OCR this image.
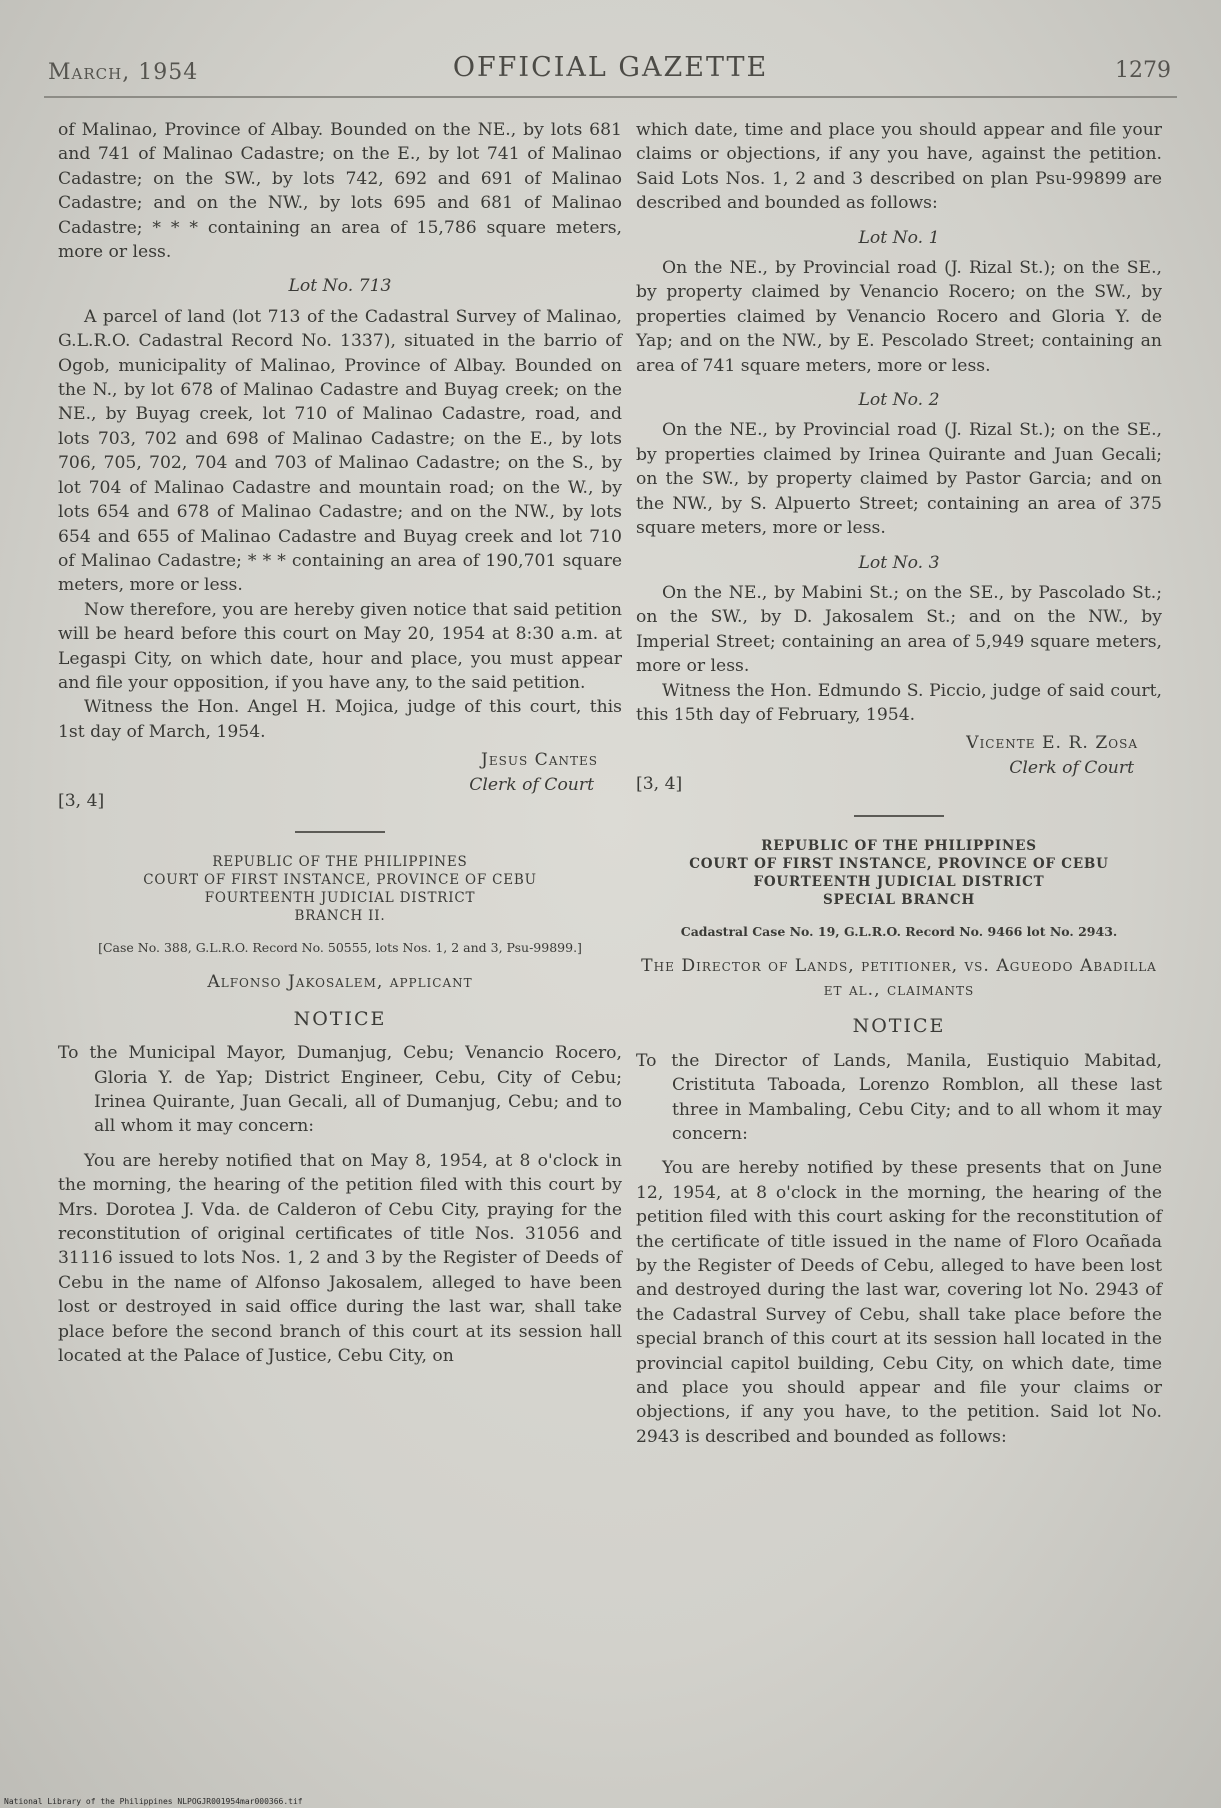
March, 1954	OFFICIAL GAZETTE	1279

of Malinao, Province of Albay. Bounded on the NE., by lots 681 and 741 of Malinao Cadastre; on the E., by lot 741 of Malinao Cadastre; on the SW., by lots 742, 692 and 691 of Malinao Cadastre; and on the NW., by lots 695 and 681 of Malinao Cadastre; * * * containing an area of 15,786 square meters, more or less.

Lot No. 713

A parcel of land (lot 713 of the Cadastral Survey of Malinao, G.L.R.O. Cadastral Record No. 1337), situated in the barrio of Ogob, municipality of Malinao, Province of Albay. Bounded on the N., by lot 678 of Malinao Cadastre and Buyag creek; on the NE., by Buyag creek, lot 710 of Malinao Cadastre, road, and lots 703, 702 and 698 of Malinao Cadastre; on the E., by lots 706, 705, 702, 704 and 703 of Malinao Cadastre; on the S., by lot 704 of Malinao Cadastre and mountain road; on the W., by lots 654 and 678 of Malinao Cadastre; and on the NW., by lots 654 and 655 of Malinao Cadastre and Buyag creek and lot 710 of Malinao Cadastre; * * * containing an area of 190,701 square meters, more or less.

Now therefore, you are hereby given notice that said petition will be heard before this court on May 20, 1954 at 8:30 a.m. at Legaspi City, on which date, hour and place, you must appear and file your opposition, if you have any, to the said petition.

Witness the Hon. Angel H. Mojica, judge of this court, this 1st day of March, 1954.

Jesus Cantes
Clerk of Court
[3, 4]
REPUBLIC OF THE PHILIPPINES
COURT OF FIRST INSTANCE, PROVINCE OF CEBU
FOURTEENTH JUDICIAL DISTRICT
BRANCH II.
[Case No. 388, G.L.R.O. Record No. 50555, lots Nos. 1, 2 and 3, Psu-99899.]
Alfonso Jakosalem, applicant
NOTICE

To the Municipal Mayor, Dumanjug, Cebu; Venancio Rocero, Gloria Y. de Yap; District Engineer, Cebu, City of Cebu; Irinea Quirante, Juan Gecali, all of Dumanjug, Cebu; and to all whom it may concern:

You are hereby notified that on May 8, 1954, at 8 o'clock in the morning, the hearing of the petition filed with this court by Mrs. Dorotea J. Vda. de Calderon of Cebu City, praying for the reconstitution of original certificates of title Nos. 31056 and 31116 issued to lots Nos. 1, 2 and 3 by the Register of Deeds of Cebu in the name of Alfonso Jakosalem, alleged to have been lost or destroyed in said office during the last war, shall take place before the second branch of this court at its session hall located at the Palace of Justice, Cebu City, on

which date, time and place you should appear and file your claims or objections, if any you have, against the petition. Said Lots Nos. 1, 2 and 3 described on plan Psu-99899 are described and bounded as follows:

Lot No. 1

On the NE., by Provincial road (J. Rizal St.); on the SE., by property claimed by Venancio Rocero; on the SW., by properties claimed by Venancio Rocero and Gloria Y. de Yap; and on the NW., by E. Pescolado Street; containing an area of 741 square meters, more or less.

Lot No. 2

On the NE., by Provincial road (J. Rizal St.); on the SE., by properties claimed by Irinea Quirante and Juan Gecali; on the SW., by property claimed by Pastor Garcia; and on the NW., by S. Alpuerto Street; containing an area of 375 square meters, more or less.

Lot No. 3

On the NE., by Mabini St.; on the SE., by Pascolado St.; on the SW., by D. Jakosalem St.; and on the NW., by Imperial Street; containing an area of 5,949 square meters, more or less.

Witness the Hon. Edmundo S. Piccio, judge of said court, this 15th day of February, 1954.

Vicente E. R. Zosa
Clerk of Court
[3, 4]
REPUBLIC OF THE PHILIPPINES
COURT OF FIRST INSTANCE, PROVINCE OF CEBU
FOURTEENTH JUDICIAL DISTRICT
SPECIAL BRANCH
Cadastral Case No. 19, G.L.R.O. Record No. 9466 lot No. 2943.
The Director of Lands, petitioner, vs. Agueodo Abadilla et al., claimants
NOTICE

To the Director of Lands, Manila, Eustiquio Mabitad, Cristituta Taboada, Lorenzo Romblon, all these last three in Mambaling, Cebu City; and to all whom it may concern:

You are hereby notified by these presents that on June 12, 1954, at 8 o'clock in the morning, the hearing of the petition filed with this court asking for the reconstitution of the certificate of title issued in the name of Floro Ocañada by the Register of Deeds of Cebu, alleged to have been lost and destroyed during the last war, covering lot No. 2943 of the Cadastral Survey of Cebu, shall take place before the special branch of this court at its session hall located in the provincial capitol building, Cebu City, on which date, time and place you should appear and file your claims or objections, if any you have, to the petition. Said lot No. 2943 is described and bounded as follows:

National Library of the Philippines NLPOGJR001954mar000366.tif
